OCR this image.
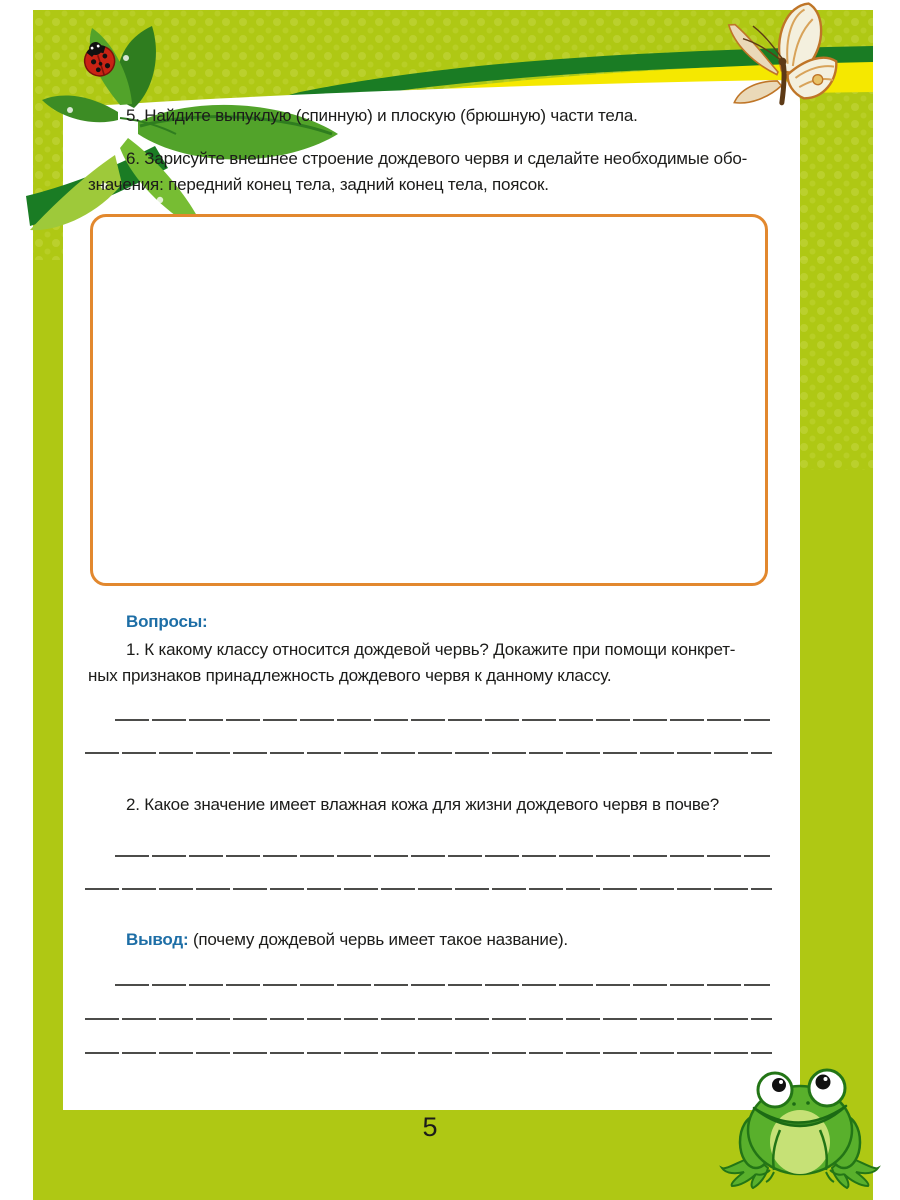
5. Найдите выпуклую (спинную) и плоскую (брюшную) части тела.
6. Зарисуйте внешнее строение дождевого червя и сделайте необходимые обо-
значения: передний конец тела, задний конец тела, поясок.
Вопросы:
1. К какому классу относится дождевой червь? Докажите при помощи конкрет-
ных признаков принадлежность дождевого червя к данному классу.
2. Какое значение имеет влажная кожа для жизни дождевого червя в почве?
Вывод: (почему дождевой червь имеет такое название).
5
